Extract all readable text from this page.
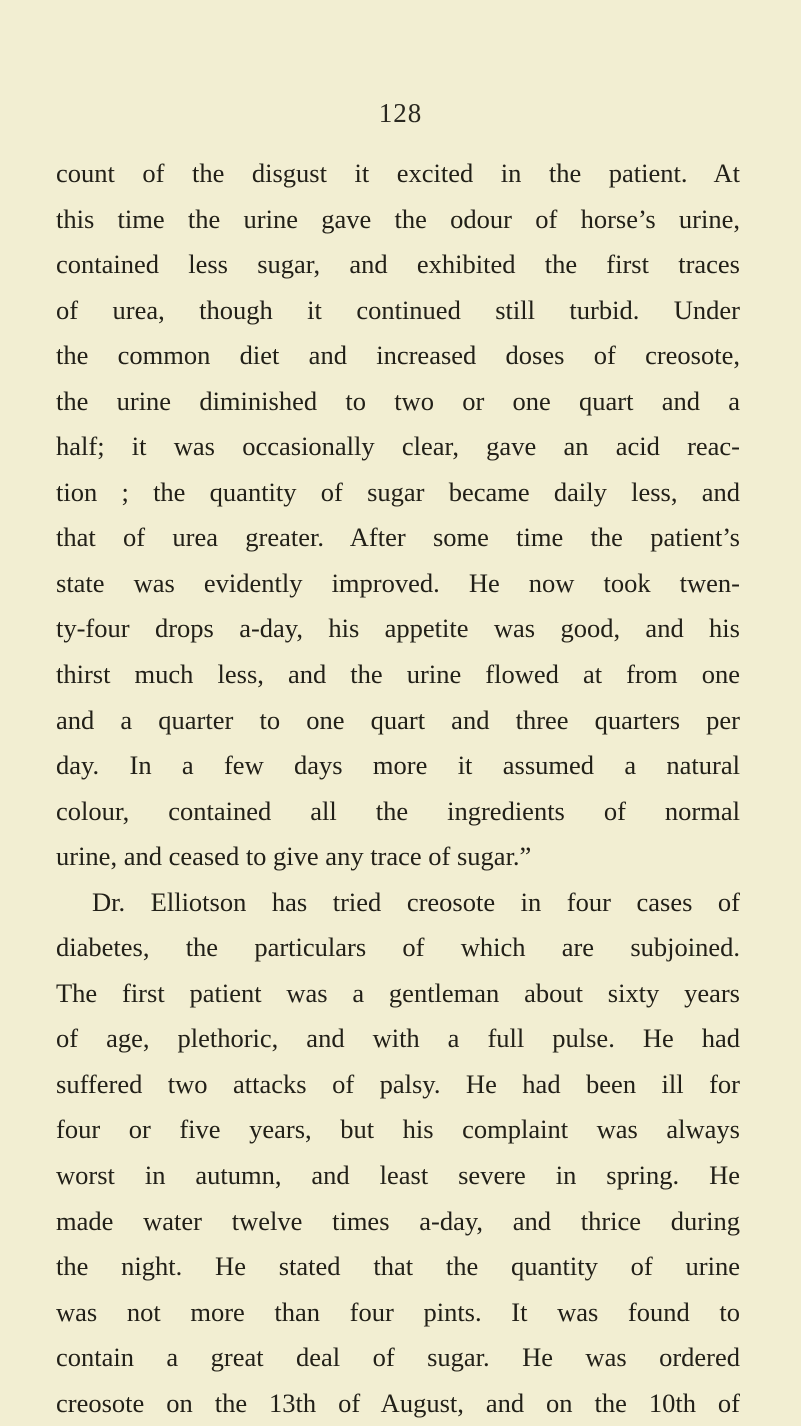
128
count of the disgust it excited in the patient. At
this time the urine gave the odour of horse’s urine,
contained less sugar, and exhibited the first traces
of urea, though it continued still turbid. Under
the common diet and increased doses of creosote,
the urine diminished to two or one quart and a
half; it was occasionally clear, gave an acid reac-
tion ; the quantity of sugar became daily less, and
that of urea greater. After some time the patient’s
state was evidently improved. He now took twen-
ty-four drops a-day, his appetite was good, and his
thirst much less, and the urine flowed at from one
and a quarter to one quart and three quarters per
day. In a few days more it assumed a natural
colour, contained all the ingredients of normal
urine, and ceased to give any trace of sugar.”
Dr. Elliotson has tried creosote in four cases of
diabetes, the particulars of which are subjoined.
The first patient was a gentleman about sixty years
of age, plethoric, and with a full pulse. He had
suffered two attacks of palsy. He had been ill for
four or five years, but his complaint was always
worst in autumn, and least severe in spring. He
made water twelve times a-day, and thrice during
the night. He stated that the quantity of urine
was not more than four pints. It was found to
contain a great deal of sugar. He was ordered
creosote on the 13th of August, and on the 10th of
